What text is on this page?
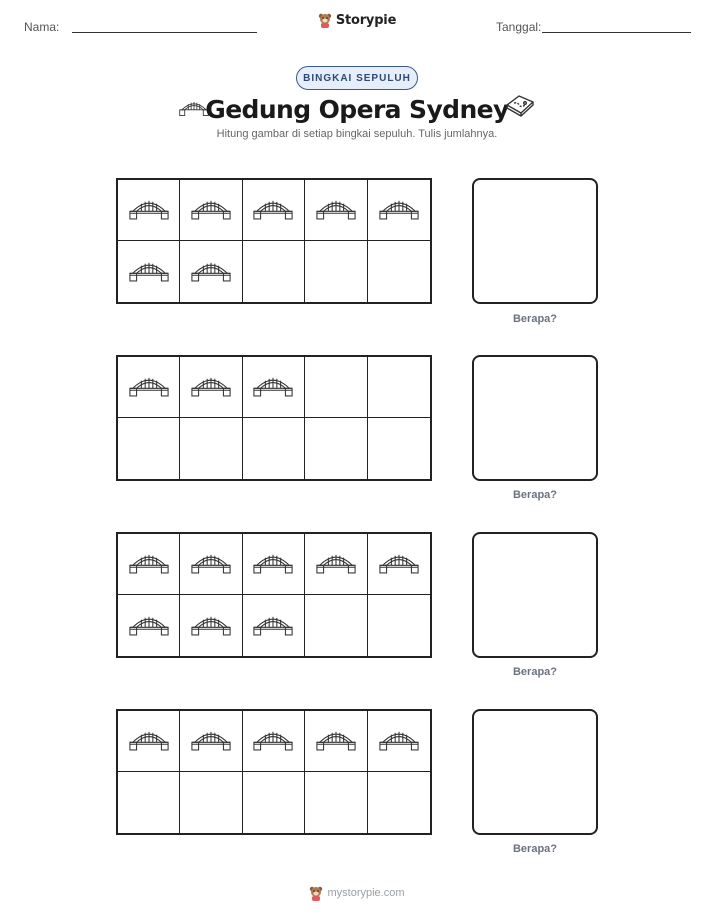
Nama:	Storypie	Tanggal:
BINGKAI SEPULUH
Gedung Opera Sydney
Hitung gambar di setiap bingkai sepuluh. Tulis jumlahnya.
Berapa?
Berapa?
Berapa?
Berapa?
mystorypie.com
